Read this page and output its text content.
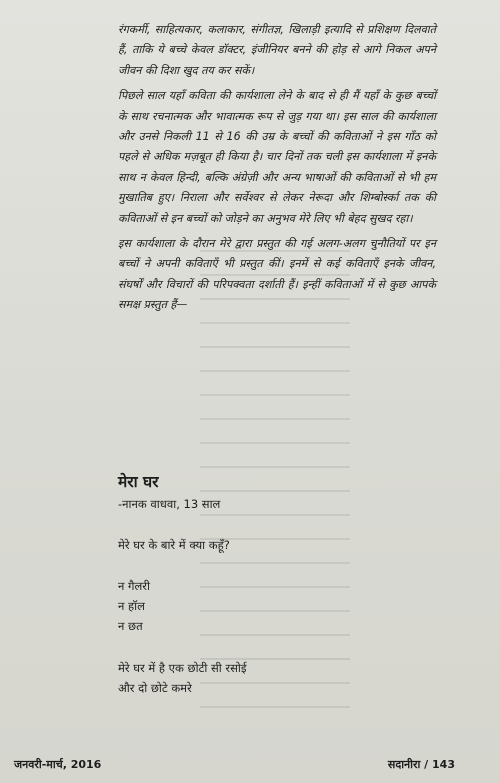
रंगकर्मी, साहित्यकार, कलाकार, संगीतज्ञ, खिलाड़ी इत्यादि से प्रशिक्षण दिलवाते हैं, ताकि ये बच्चे केवल डॉक्टर, इंजीनियर बनने की होड़ से आगे निकल अपने जीवन की दिशा खुद तय कर सकें।

पिछले साल यहाँ कविता की कार्यशाला लेने के बाद से ही मैं यहाँ के कुछ बच्चों के साथ रचनात्मक और भावात्मक रूप से जुड़ गया था। इस साल की कार्यशाला और उनसे निकली 11 से 16 की उम्र के बच्चों की कविताओं ने इस गाँठ को पहले से अधिक मज़बूत ही किया है। चार दिनों तक चली इस कार्यशाला में इनके साथ न केवल हिन्दी, बल्कि अंग्रेज़ी और अन्य भाषाओं की कविताओं से भी हम मुखातिब हुए। निराला और सर्वेश्वर से लेकर नेरूदा और शिम्बोर्स्का तक की कविताओं से इन बच्चों को जोड़ने का अनुभव मेरे लिए भी बेहद सुखद रहा।

इस कार्यशाला के दौरान मेरे द्वारा प्रस्तुत की गई अलग-अलग चुनौतियों पर इन बच्चों ने अपनी कविताएँ भी प्रस्तुत कीं। इनमें से कई कविताएँ इनके जीवन, संघर्षों और विचारों की परिपक्वता दर्शाती हैं। इन्हीं कविताओं में से कुछ आपके समक्ष प्रस्तुत हैं—

मेरा घर

-नानक वाधवा, 13 साल

मेरे घर के बारे में क्या कहूँ?
न गैलरी
न हॉल
न छत
मेरे घर में है एक छोटी सी रसोई
और दो छोटे कमरे
जनवरी-मार्च, 2016	सदानीरा / 143
